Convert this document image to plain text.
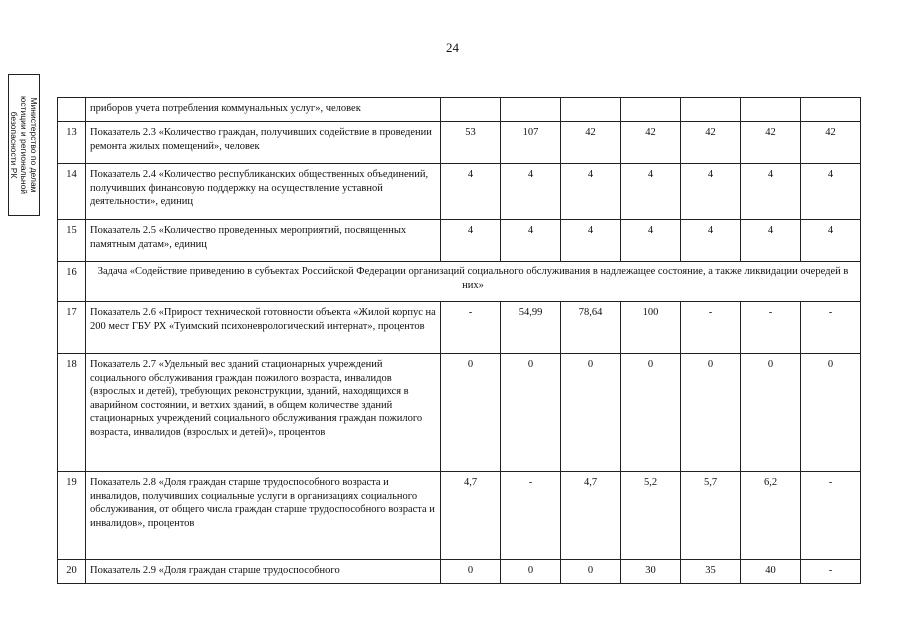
24
Министерство по делам
юстиции и региональной
безопасности РК
	приборов учета потребления коммунальных услуг», человек							
13	Показатель 2.3 «Количество граждан, получивших содействие в проведении ремонта жилых помещений», человек	53	107	42	42	42	42	42
14	Показатель 2.4 «Количество республиканских общественных объединений, получивших финансовую поддержку на осуществление уставной деятельности», единиц	4	4	4	4	4	4	4
15	Показатель 2.5 «Количество проведенных мероприятий, посвященных памятным датам», единиц	4	4	4	4	4	4	4
16	Задача «Содействие приведению в субъектах Российской Федерации организаций социального обслуживания в надлежащее состояние, а также ликвидации очередей в них»							
17	Показатель 2.6 «Прирост технической готовности объекта «Жилой корпус на 200 мест ГБУ РХ «Туимский психоневрологический интернат», процентов	-	54,99	78,64	100	-	-	-
18	Показатель 2.7 «Удельный вес зданий стационарных учреждений социального обслуживания граждан пожилого возраста, инвалидов (взрослых и детей), требующих реконструкции, зданий, находящихся в аварийном состоянии, и ветхих зданий, в общем количестве зданий стационарных учреждений социального обслуживания граждан пожилого возраста, инвалидов (взрослых и детей)», процентов	0	0	0	0	0	0	0
19	Показатель 2.8 «Доля граждан старше трудоспособного возраста и инвалидов, получивших социальные услуги в организациях социального обслуживания, от общего числа граждан старше трудоспособного возраста и инвалидов», процентов	4,7	-	4,7	5,2	5,7	6,2	-
20	Показатель 2.9 «Доля граждан старше трудоспособного	0	0	0	30	35	40	-
